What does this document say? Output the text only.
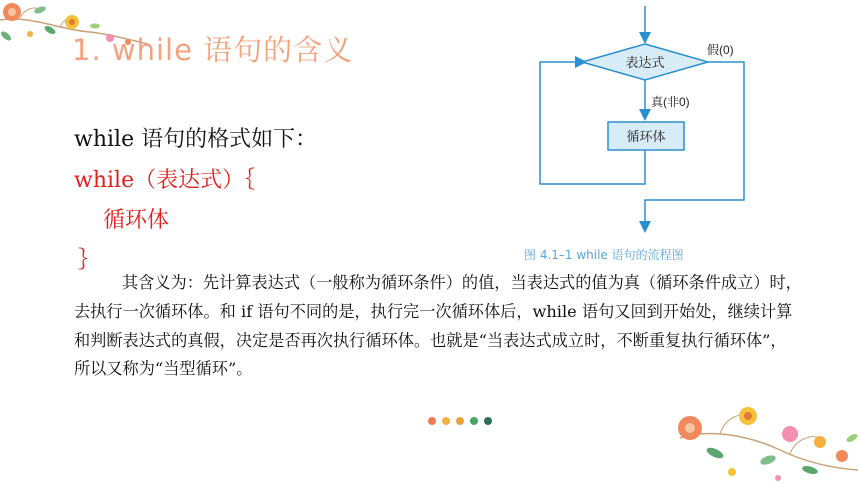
1. while 语句的含义
while 语句的格式如下：
while（表达式）｛
循环体
｝
表达式
假(0)
真(非0)
循环体
图 4.1–1 while 语句的流程图
其含义为：先计算表达式（一般称为循环条件）的值，当表达式的值为真（循环条件成立）时，去执行一次循环体。和 if 语句不同的是，执行完一次循环体后，while 语句又回到开始处，继续计算和判断表达式的真假，决定是否再次执行循环体。也就是“当表达式成立时，不断重复执行循环体”，所以又称为“当型循环”。
